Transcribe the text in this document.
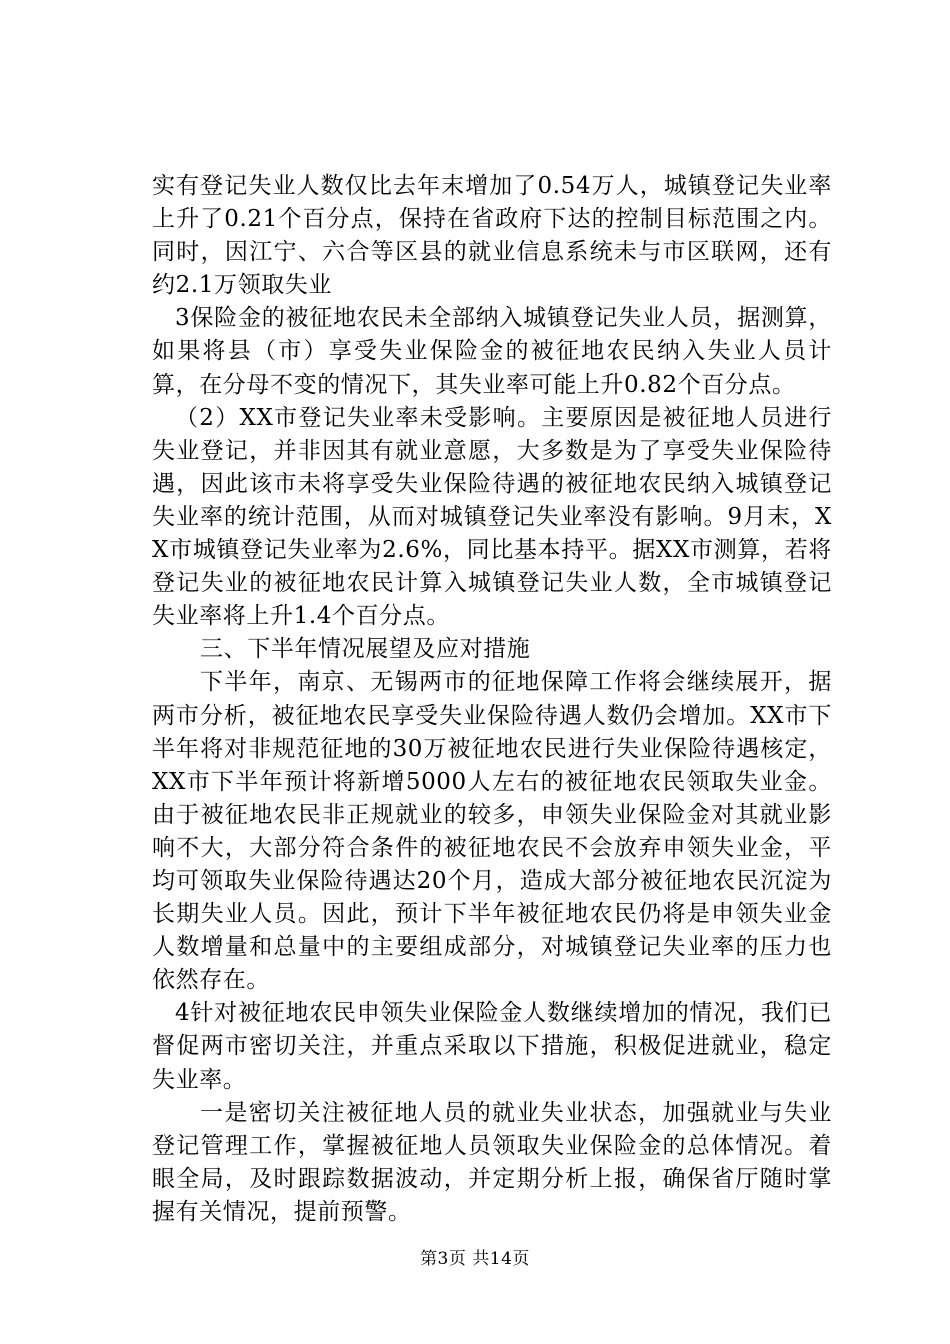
实有登记失业人数仅比去年末增加了0.54万人，城镇登记失业率上升了0.21个百分点，保持在省政府下达的控制目标范围之内。同时，因江宁、六合等区县的就业信息系统未与市区联网，还有约2.1万领取失业

3保险金的被征地农民未全部纳入城镇登记失业人员，据测算，如果将县（市）享受失业保险金的被征地农民纳入失业人员计算，在分母不变的情况下，其失业率可能上升0.82个百分点。

（2）XX市登记失业率未受影响。主要原因是被征地人员进行失业登记，并非因其有就业意愿，大多数是为了享受失业保险待遇，因此该市未将享受失业保险待遇的被征地农民纳入城镇登记失业率的统计范围，从而对城镇登记失业率没有影响。9月末，XX市城镇登记失业率为2.6%，同比基本持平。据XX市测算，若将登记失业的被征地农民计算入城镇登记失业人数，全市城镇登记失业率将上升1.4个百分点。

三、下半年情况展望及应对措施

下半年，南京、无锡两市的征地保障工作将会继续展开，据两市分析，被征地农民享受失业保险待遇人数仍会增加。XX市下半年将对非规范征地的30万被征地农民进行失业保险待遇核定，XX市下半年预计将新增5000人左右的被征地农民领取失业金。由于被征地农民非正规就业的较多，申领失业保险金对其就业影响不大，大部分符合条件的被征地农民不会放弃申领失业金，平均可领取失业保险待遇达20个月，造成大部分被征地农民沉淀为长期失业人员。因此，预计下半年被征地农民仍将是申领失业金人数增量和总量中的主要组成部分，对城镇登记失业率的压力也依然存在。

4针对被征地农民申领失业保险金人数继续增加的情况，我们已督促两市密切关注，并重点采取以下措施，积极促进就业，稳定失业率。

一是密切关注被征地人员的就业失业状态，加强就业与失业登记管理工作，掌握被征地人员领取失业保险金的总体情况。着眼全局，及时跟踪数据波动，并定期分析上报，确保省厅随时掌握有关情况，提前预警。

第3页 共14页
